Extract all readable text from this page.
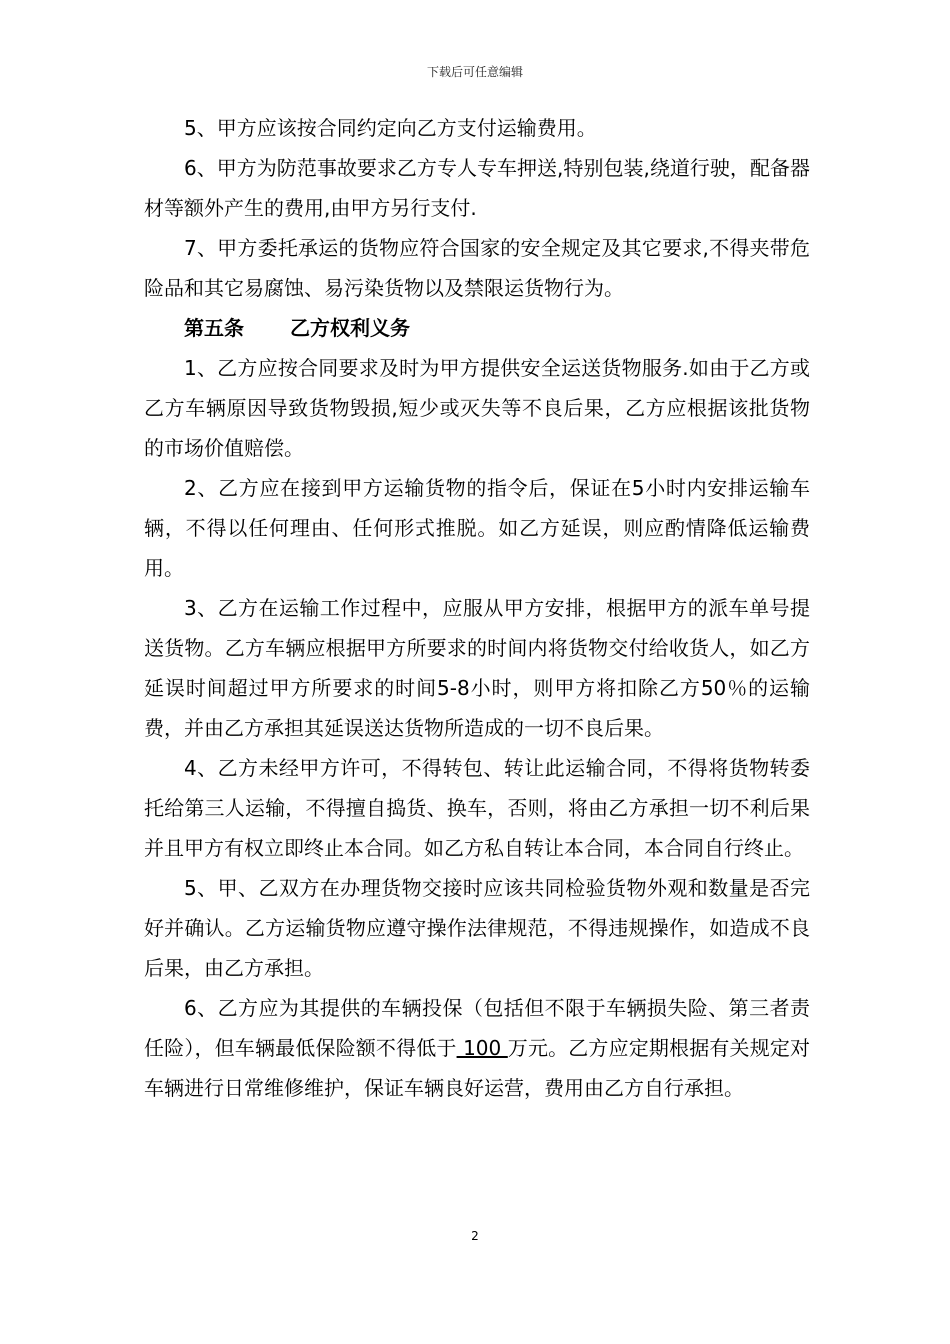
下载后可任意编辑

5、甲方应该按合同约定向乙方支付运输费用。

6、甲方为防范事故要求乙方专人专车押送,特别包装,绕道行驶，配备器材等额外产生的费用,由甲方另行支付.

7、甲方委托承运的货物应符合国家的安全规定及其它要求,不得夹带危险品和其它易腐蚀、易污染货物以及禁限运货物行为。

第五条 乙方权利义务

1、乙方应按合同要求及时为甲方提供安全运送货物服务.如由于乙方或乙方车辆原因导致货物毁损,短少或灭失等不良后果，乙方应根据该批货物的市场价值赔偿。

2、乙方应在接到甲方运输货物的指令后，保证在5小时内安排运输车辆，不得以任何理由、任何形式推脱。如乙方延误，则应酌情降低运输费用。

3、乙方在运输工作过程中，应服从甲方安排，根据甲方的派车单号提送货物。乙方车辆应根据甲方所要求的时间内将货物交付给收货人，如乙方延误时间超过甲方所要求的时间5-8小时，则甲方将扣除乙方50％的运输费，并由乙方承担其延误送达货物所造成的一切不良后果。

4、乙方未经甲方许可，不得转包、转让此运输合同，不得将货物转委托给第三人运输，不得擅自捣货、换车，否则，将由乙方承担一切不利后果并且甲方有权立即终止本合同。如乙方私自转让本合同，本合同自行终止。

5、甲、乙双方在办理货物交接时应该共同检验货物外观和数量是否完好并确认。乙方运输货物应遵守操作法律规范，不得违规操作，如造成不良后果，由乙方承担。

6、乙方应为其提供的车辆投保（包括但不限于车辆损失险、第三者责任险），但车辆最低保险额不得低于 100 万元。乙方应定期根据有关规定对车辆进行日常维修维护，保证车辆良好运营，费用由乙方自行承担。

2
